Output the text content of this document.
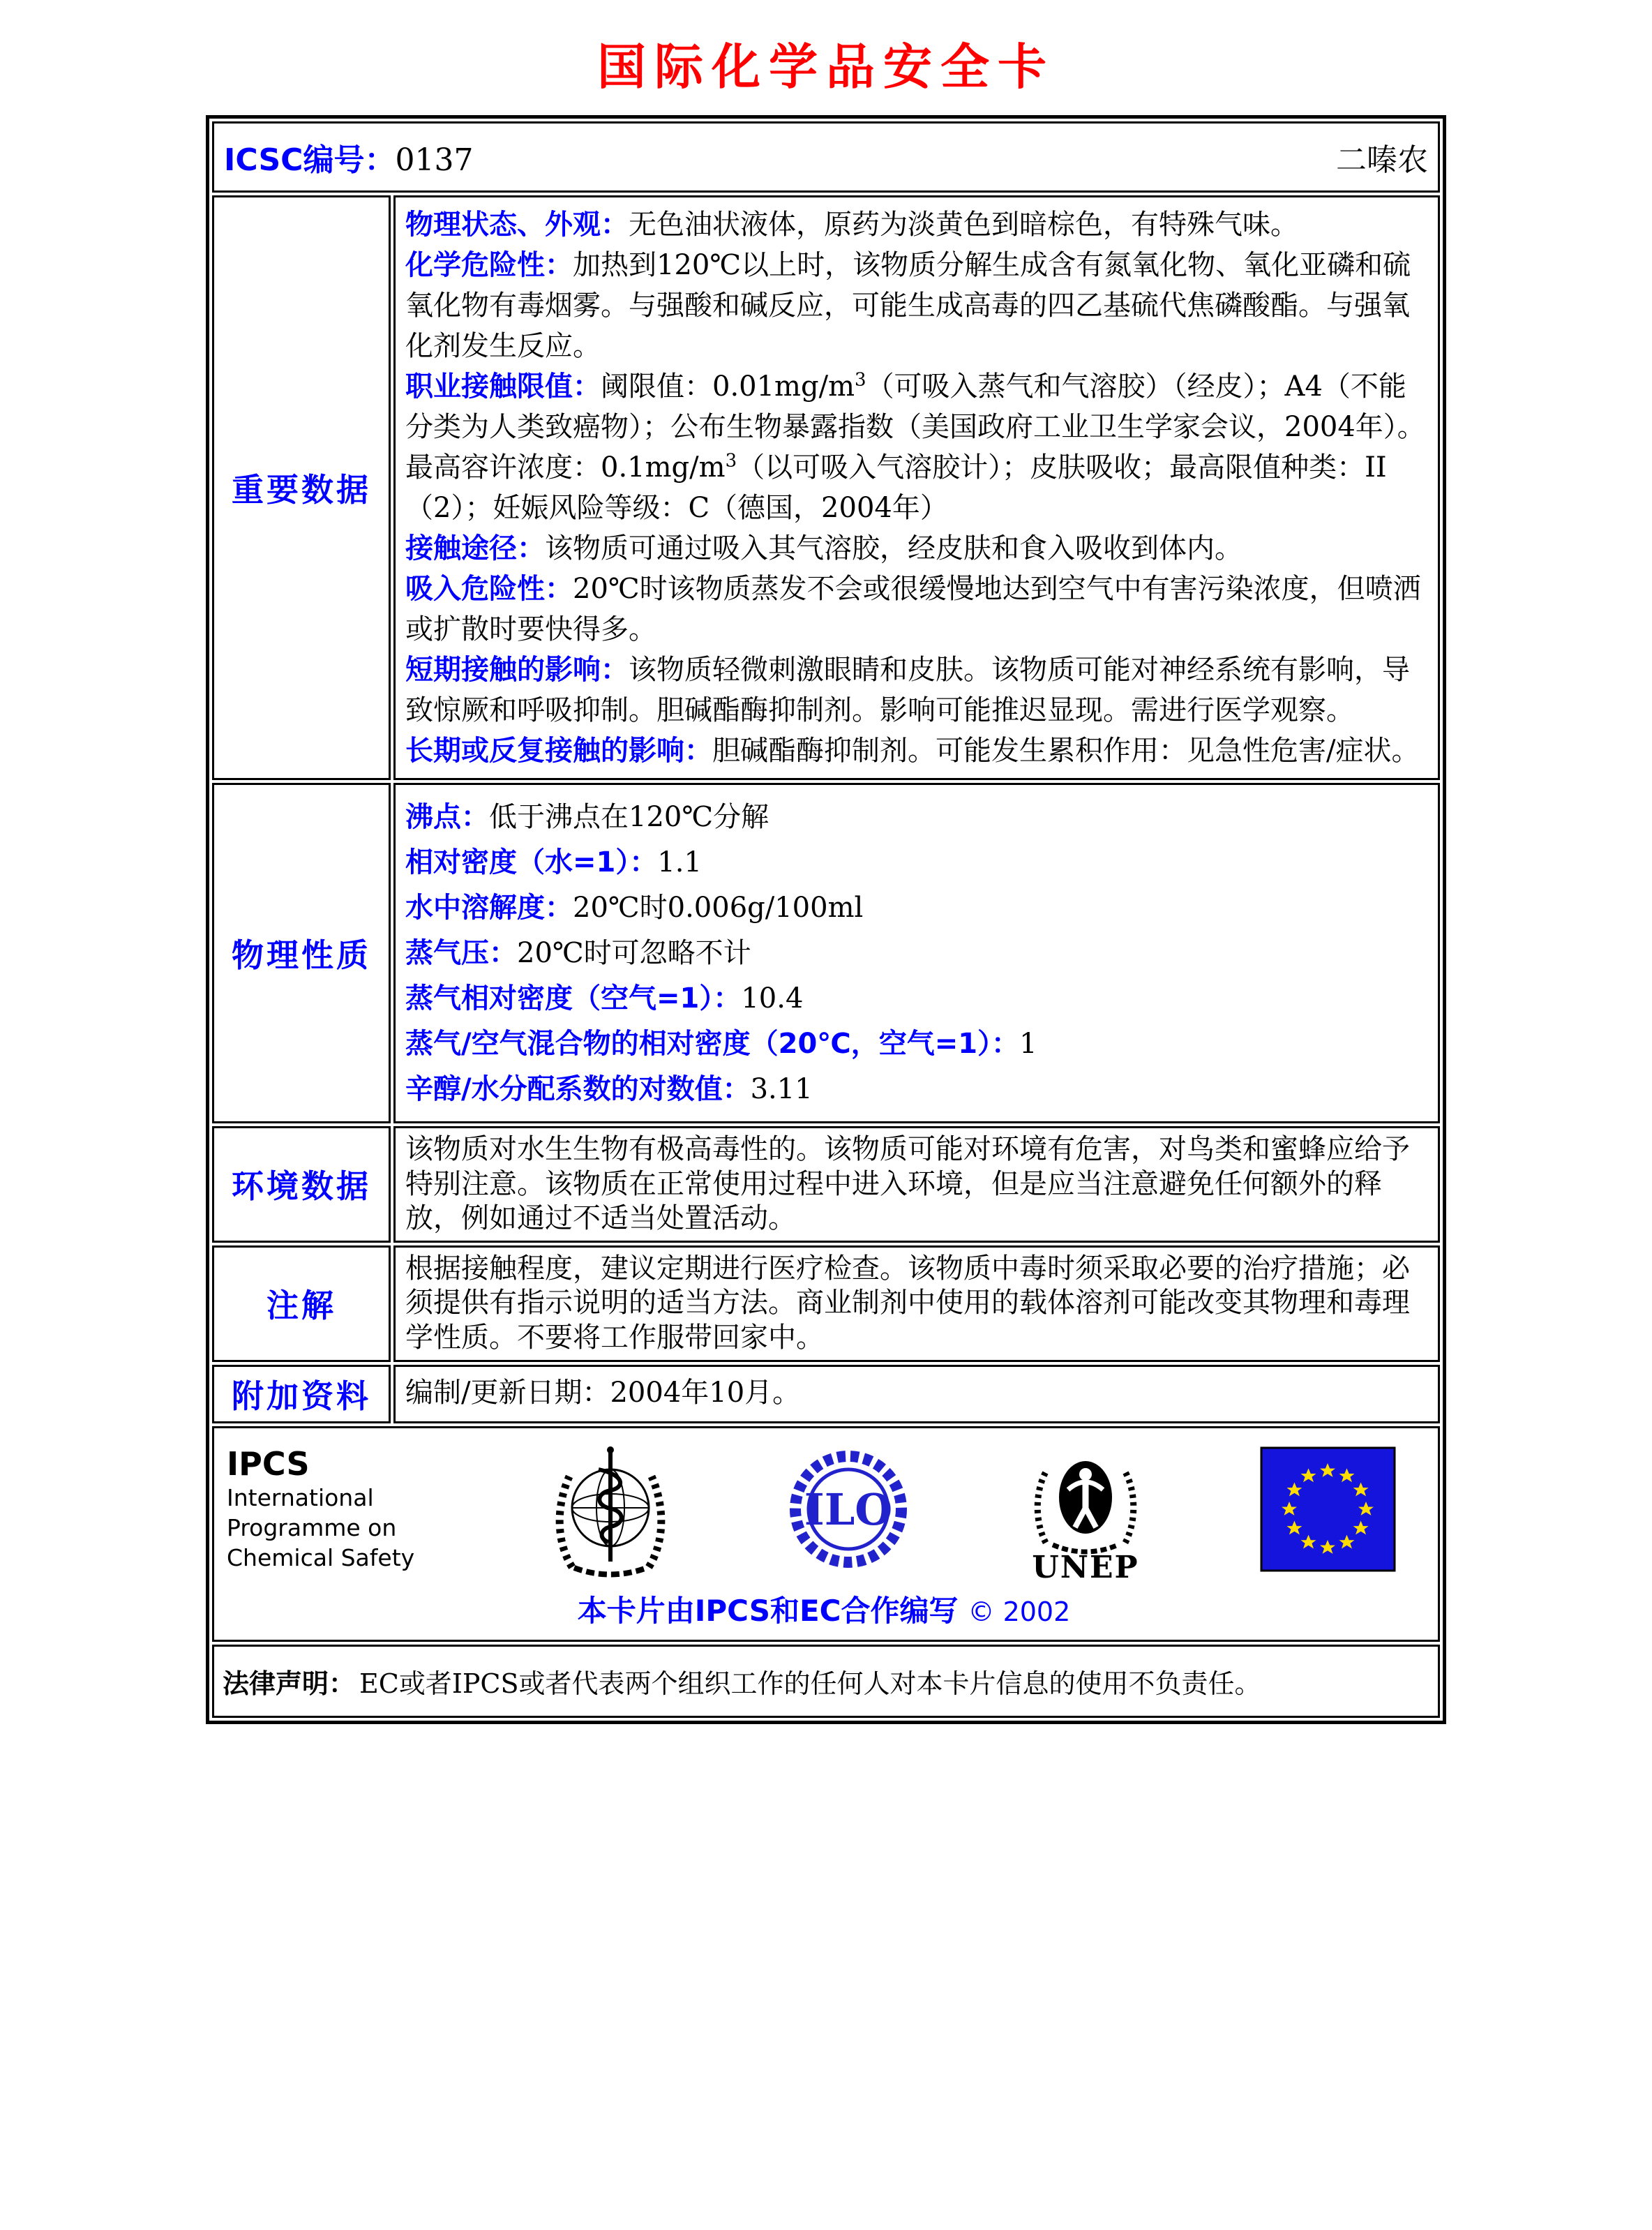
国际化学品安全卡
ICSC编号：0137 二嗪农	

重要数据	
物理状态、外观：无色油状液体，原药为淡黄色到暗棕色，有特殊气味。
化学危险性：加热到120℃以上时，该物质分解生成含有氮氧化物、氧化亚磷和硫氧化物有毒烟雾。与强酸和碱反应，可能生成高毒的四乙基硫代焦磷酸酯。与强氧化剂发生反应。
职业接触限值：阈限值：$0.01mg/m^3$（可吸入蒸气和气溶胶）（经皮）；A4（不能分类为人类致癌物）；公布生物暴露指数（美国政府工业卫生学家会议，2004年）。最高容许浓度：$0.1mg/m^3$（以可吸入气溶胶计）；皮肤吸收；最高限值种类：II（2）；妊娠风险等级：C（德国，2004年）
接触途径：该物质可通过吸入其气溶胶，经皮肤和食入吸收到体内。
吸入危险性：20℃时该物质蒸发不会或很缓慢地达到空气中有害污染浓度，但喷洒或扩散时要快得多。
短期接触的影响：该物质轻微刺激眼睛和皮肤。该物质可能对神经系统有影响，导致惊厥和呼吸抑制。胆碱酯酶抑制剂。影响可能推迟显现。需进行医学观察。
长期或反复接触的影响：胆碱酯酶抑制剂。可能发生累积作用：见急性危害/症状。

物理性质	
沸点：低于沸点在120℃分解
相对密度（水=1）：1.1
水中溶解度：20℃时0.006g/100ml
蒸气压：20℃时可忽略不计
蒸气相对密度（空气=1）：10.4
蒸气/空气混合物的相对密度（20℃，空气=1）：1
辛醇/水分配系数的对数值：3.11

环境数据	该物质对水生生物有极高毒性的。该物质可能对环境有危害，对鸟类和蜜蜂应给予特别注意。该物质在正常使用过程中进入环境，但是应当注意避免任何额外的释放，例如通过不适当处置活动。

注解	根据接触程度，建议定期进行医疗检查。该物质中毒时须采取必要的治疗措施；必须提供有指示说明的适当方法。商业制剂中使用的载体溶剂可能改变其物理和毒理学性质。不要将工作服带回家中。

附加资料	编制/更新日期：2004年10月。

IPCS
International
Programme on
Chemical Safety
ILO
UNEP
本卡片由IPCS和EC合作编写 © 2002

法律声明： EC或者IPCS或者代表两个组织工作的任何人对本卡片信息的使用不负责任。	
